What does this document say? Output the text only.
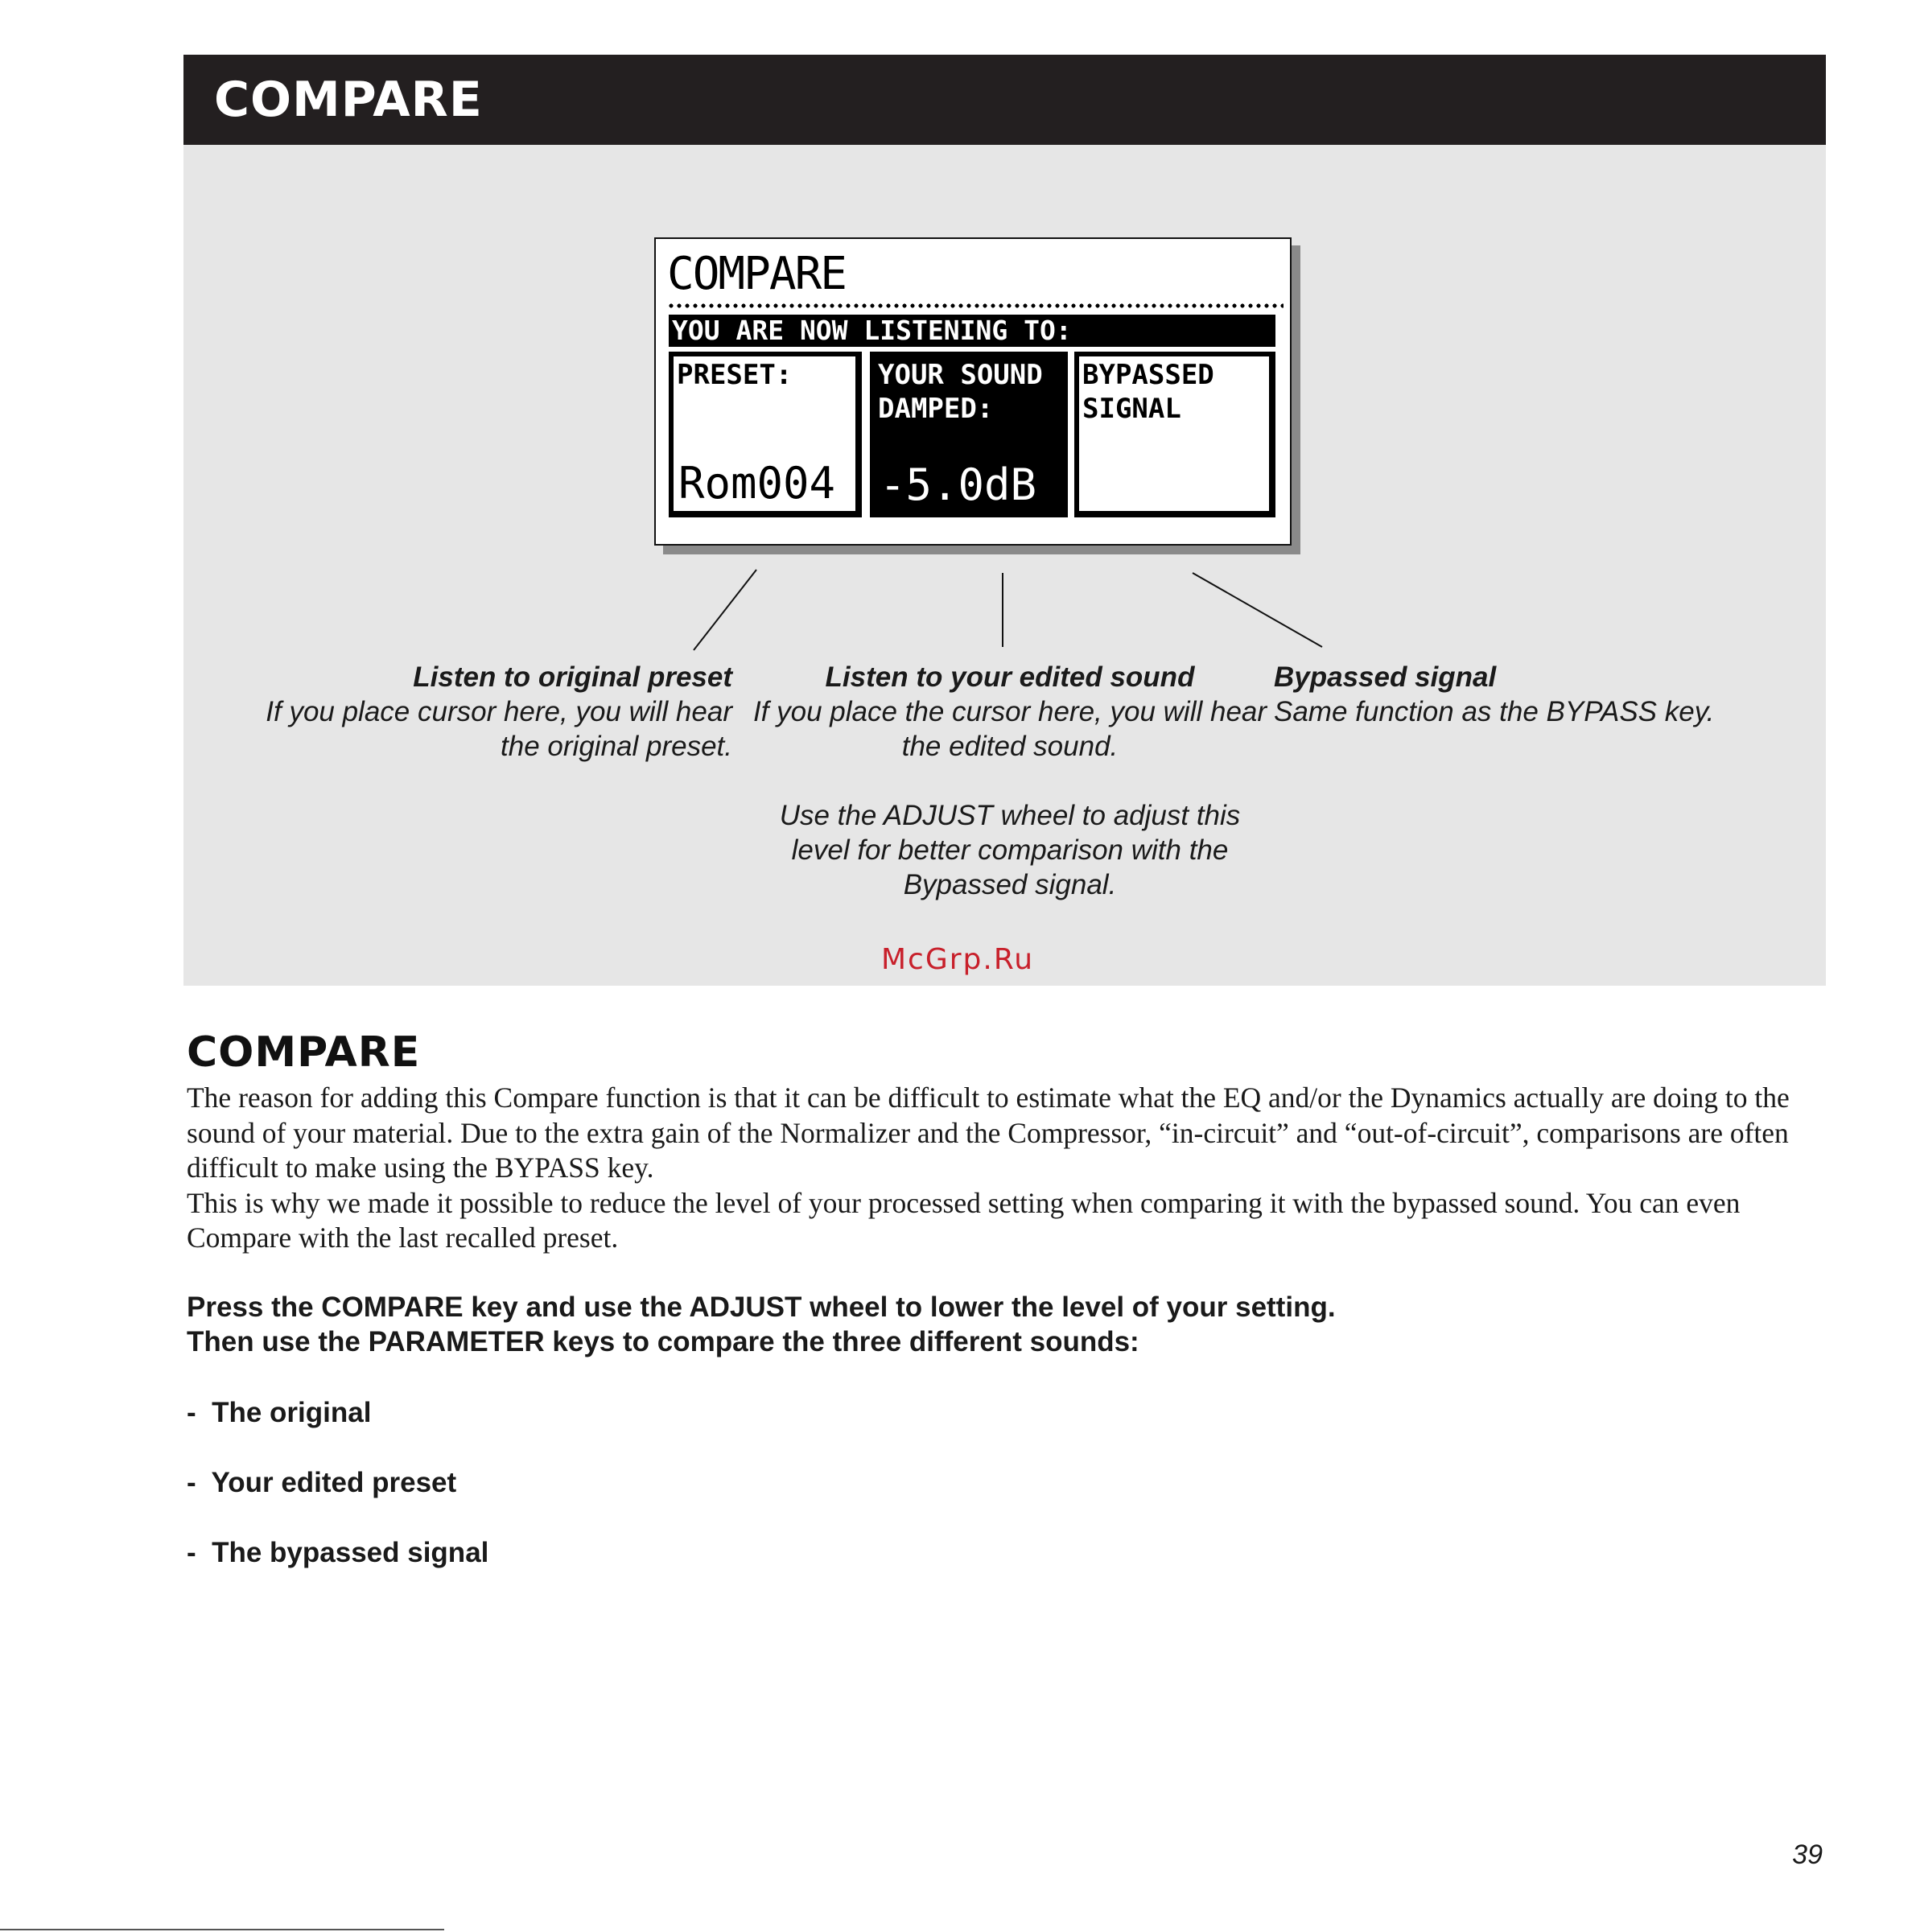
COMPARE
COMPARE
YOU ARE NOW LISTENING TO:
PRESET:
Rom004
YOUR SOUND
DAMPED:
-5.0dB
BYPASSED
SIGNAL
Listen to original preset
If you place cursor here, you will hear the original preset.
Listen to your edited sound
If you place the cursor here, you will hear the edited sound.
Use the ADJUST wheel to adjust this level for better comparison with the Bypassed signal.
Bypassed signal
Same function as the BYPASS key.
McGrp.Ru
COMPARE

The reason for adding this Compare function is that it can be difficult to estimate what the EQ and/or the Dynamics actually are doing to the sound of your material. Due to the extra gain of the Normalizer and the Compressor, “in-circuit” and “out-of-circuit”, comparisons are often difficult to make using the BYPASS key.

This is why we made it possible to reduce the level of your processed setting when comparing it with the bypassed sound. You can even Compare with the last recalled preset.

Press the COMPARE key and use the ADJUST wheel to lower the level of your setting.

Then use the PARAMETER keys to compare the three different sounds:

-  The original
-  Your edited preset
-  The bypassed signal
39
